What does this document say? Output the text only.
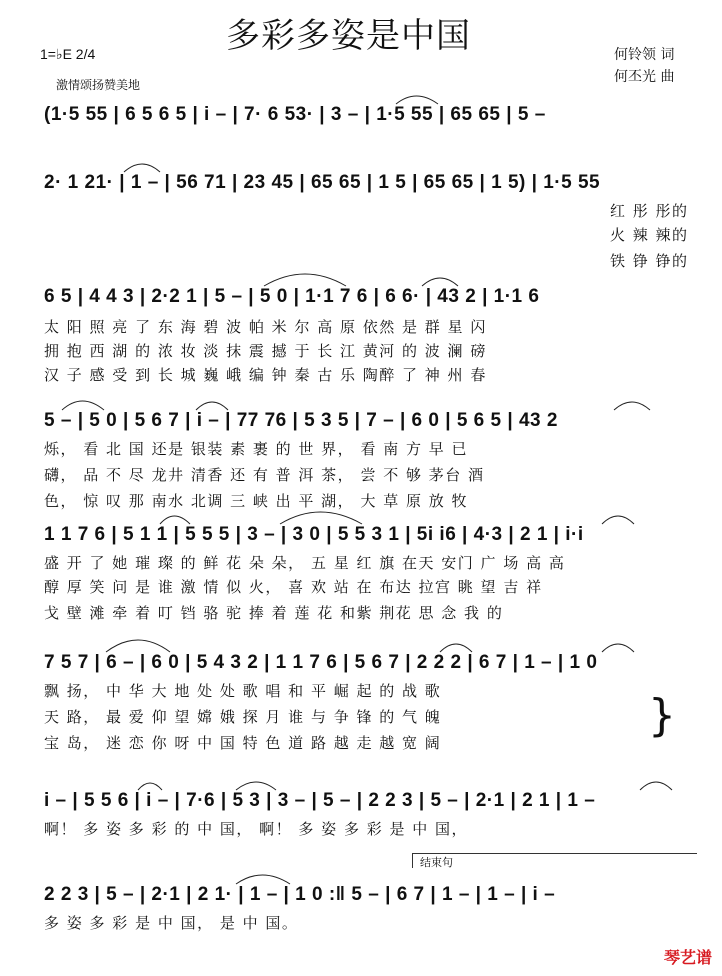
多彩多姿是中国
1=♭E 2/4
激情颂扬赞美地
何铃领 词
何丕光 曲
(1·5 55 | 6 5 6 5 | i – | 7· 6 53· | 3 – | 1·5 55 | 65 65 | 5 –
2· 1 21· | 1 – | 56 71 | 23 45 | 65 65 | 1 5 | 65 65 | 1 5) | 1·5 55
6 5 | 4 4 3 | 2·2 1 | 5 – | 5 0 | 1·1 7 6 | 6 6· | 43 2 | 1·1 6
5 – | 5 0 | 5 6 7 | i – | 77 76 | 5 3 5 | 7 – | 6 0 | 5 6 5 | 43 2
1 1 7 6 | 5 1 1 | 5 5 5 | 3 – | 3 0 | 5 5 3 1 | 5i i6 | 4·3 | 2 1 | i·i
7 5 7 | 6 – | 6 0 | 5 4 3 2 | 1 1 7 6 | 5 6 7 | 2 2 2 | 6 7 | 1 – | 1 0
i – | 5 5 6 | i – | 7·6 | 5 3 | 3 – | 5 – | 2 2 3 | 5 – | 2·1 | 2 1 | 1 –
2 2 3 | 5 – | 2·1 | 2 1· | 1 – | 1 0 :‖ 5 – | 6 7 | 1 – | 1 – | i –
红 彤 彤的
火 辣 辣的
铁 铮 铮的
太 阳 照 亮 了 东 海 碧 波 帕 米 尔 高 原 依然 是 群 星 闪
拥 抱 西 湖 的 浓 妆 淡 抹 震 撼 于 长 江 黄河 的 波 澜 磅
汉 子 感 受 到 长 城 巍 峨 编 钟 秦 古 乐 陶醉 了 神 州 春
烁， 看 北 国 还是 银装 素 裹 的 世 界， 看 南 方 早 已
礴， 品 不 尽 龙井 清香 还 有 普 洱 茶， 尝 不 够 茅台 酒
色， 惊 叹 那 南水 北调 三 峡 出 平 湖， 大 草 原 放 牧
盛 开 了 她 璀 璨 的 鲜 花 朵 朵， 五 星 红 旗 在天 安门 广 场 高 高
醇 厚 笑 问 是 谁 激 情 似 火， 喜 欢 站 在 布达 拉宫 眺 望 吉 祥
戈 壁 滩 牵 着 叮 铛 骆 驼 捧 着 莲 花 和紫 荆花 思 念 我 的
飘 扬， 中 华 大 地 处 处 歌 唱 和 平 崛 起 的 战 歌
天 路， 最 爱 仰 望 嫦 娥 探 月 谁 与 争 锋 的 气 魄
宝 岛， 迷 恋 你 呀 中 国 特 色 道 路 越 走 越 宽 阔
}
啊！ 多 姿 多 彩 的 中 国， 啊！ 多 姿 多 彩 是 中 国，
结束句
多 姿 多 彩 是 中 国， 是 中 国。
琴艺谱
